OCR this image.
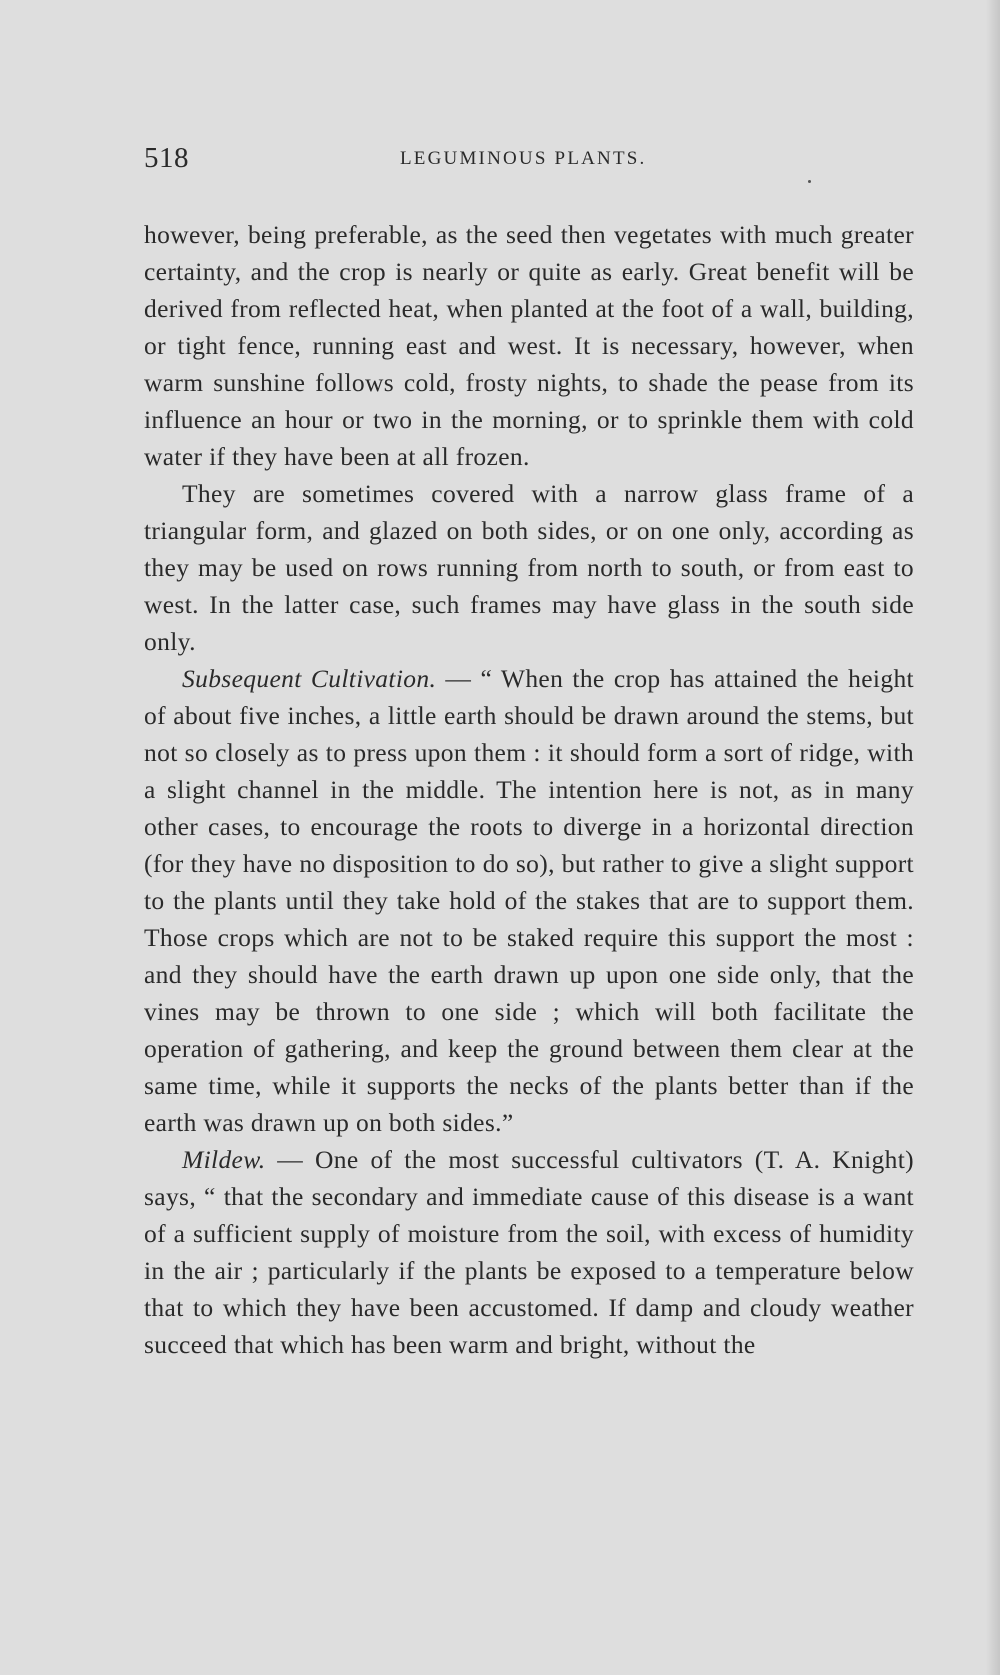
518	LEGUMINOUS PLANTS.

however, being preferable, as the seed then vegetates with much greater certainty, and the crop is nearly or quite as early. Great benefit will be derived from reflected heat, when planted at the foot of a wall, building, or tight fence, running east and west. It is necessary, however, when warm sunshine follows cold, frosty nights, to shade the pease from its influence an hour or two in the morning, or to sprinkle them with cold water if they have been at all frozen.

They are sometimes covered with a narrow glass frame of a triangular form, and glazed on both sides, or on one only, according as they may be used on rows running from north to south, or from east to west. In the latter case, such frames may have glass in the south side only.

Subsequent Cultivation. — “ When the crop has attained the height of about five inches, a little earth should be drawn around the stems, but not so closely as to press upon them : it should form a sort of ridge, with a slight channel in the middle. The intention here is not, as in many other cases, to encourage the roots to diverge in a horizontal direction (for they have no disposition to do so), but rather to give a slight support to the plants until they take hold of the stakes that are to support them. Those crops which are not to be staked require this support the most : and they should have the earth drawn up upon one side only, that the vines may be thrown to one side ; which will both facilitate the operation of gathering, and keep the ground between them clear at the same time, while it supports the necks of the plants better than if the earth was drawn up on both sides.”

Mildew. — One of the most successful cultivators (T. A. Knight) says, “ that the secondary and immediate cause of this disease is a want of a sufficient supply of moisture from the soil, with excess of humidity in the air ; particularly if the plants be exposed to a temperature below that to which they have been accustomed. If damp and cloudy weather succeed that which has been warm and bright, without the
